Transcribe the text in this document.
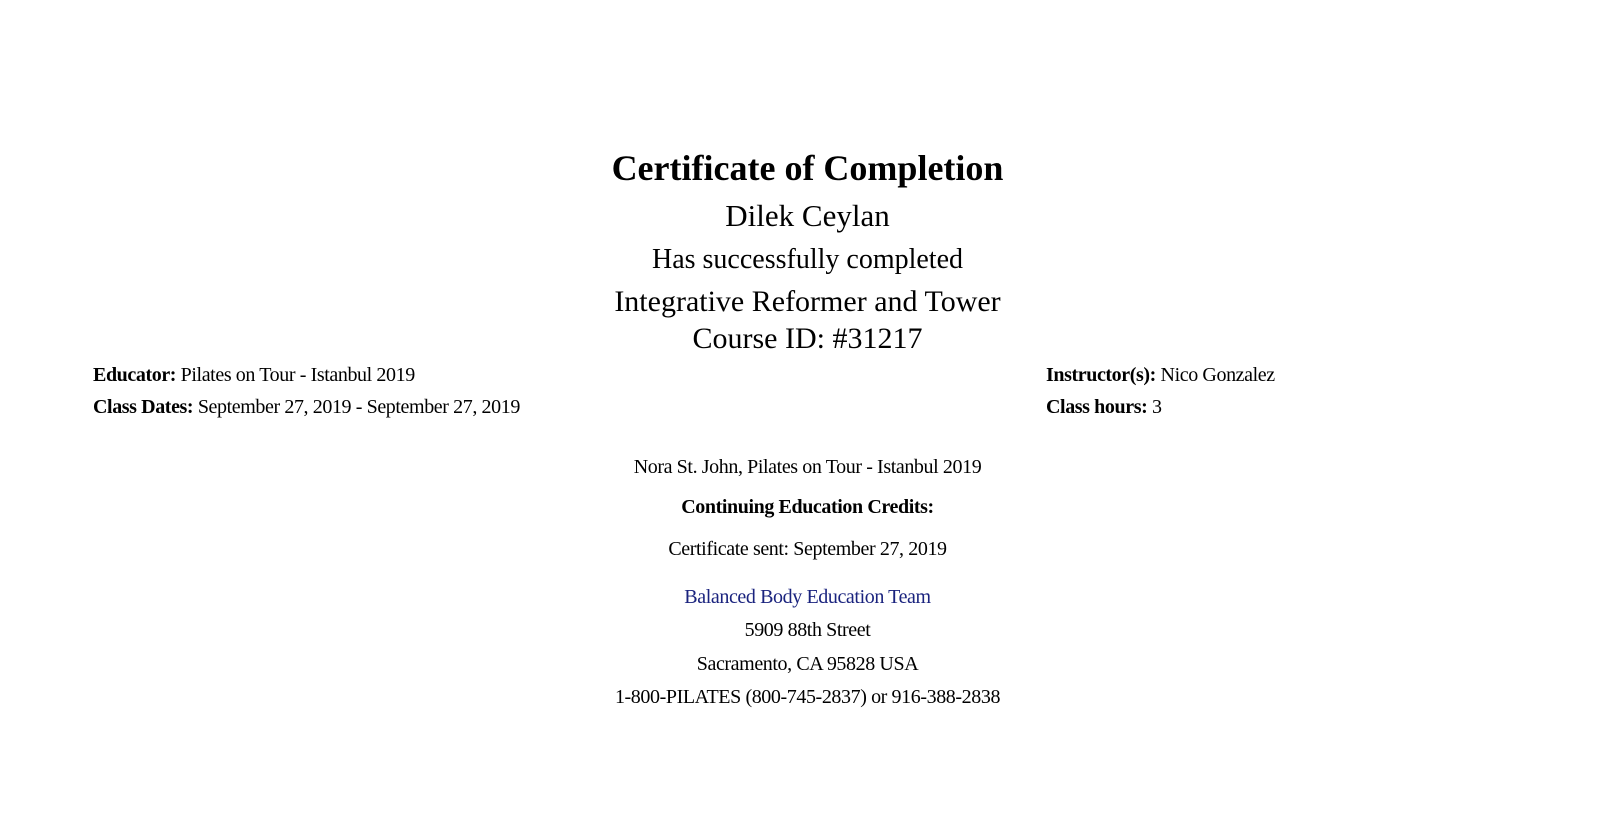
Certificate of Completion
Dilek Ceylan
Has successfully completed
Integrative Reformer and Tower
Course ID: #31217
Educator: Pilates on Tour - Istanbul 2019
Class Dates: September 27, 2019 - September 27, 2019
Instructor(s): Nico Gonzalez
Class hours: 3
Nora St. John, Pilates on Tour - Istanbul 2019
Continuing Education Credits:
Certificate sent: September 27, 2019
Balanced Body Education Team
5909 88th Street
Sacramento, CA 95828 USA
1-800-PILATES (800-745-2837) or 916-388-2838
